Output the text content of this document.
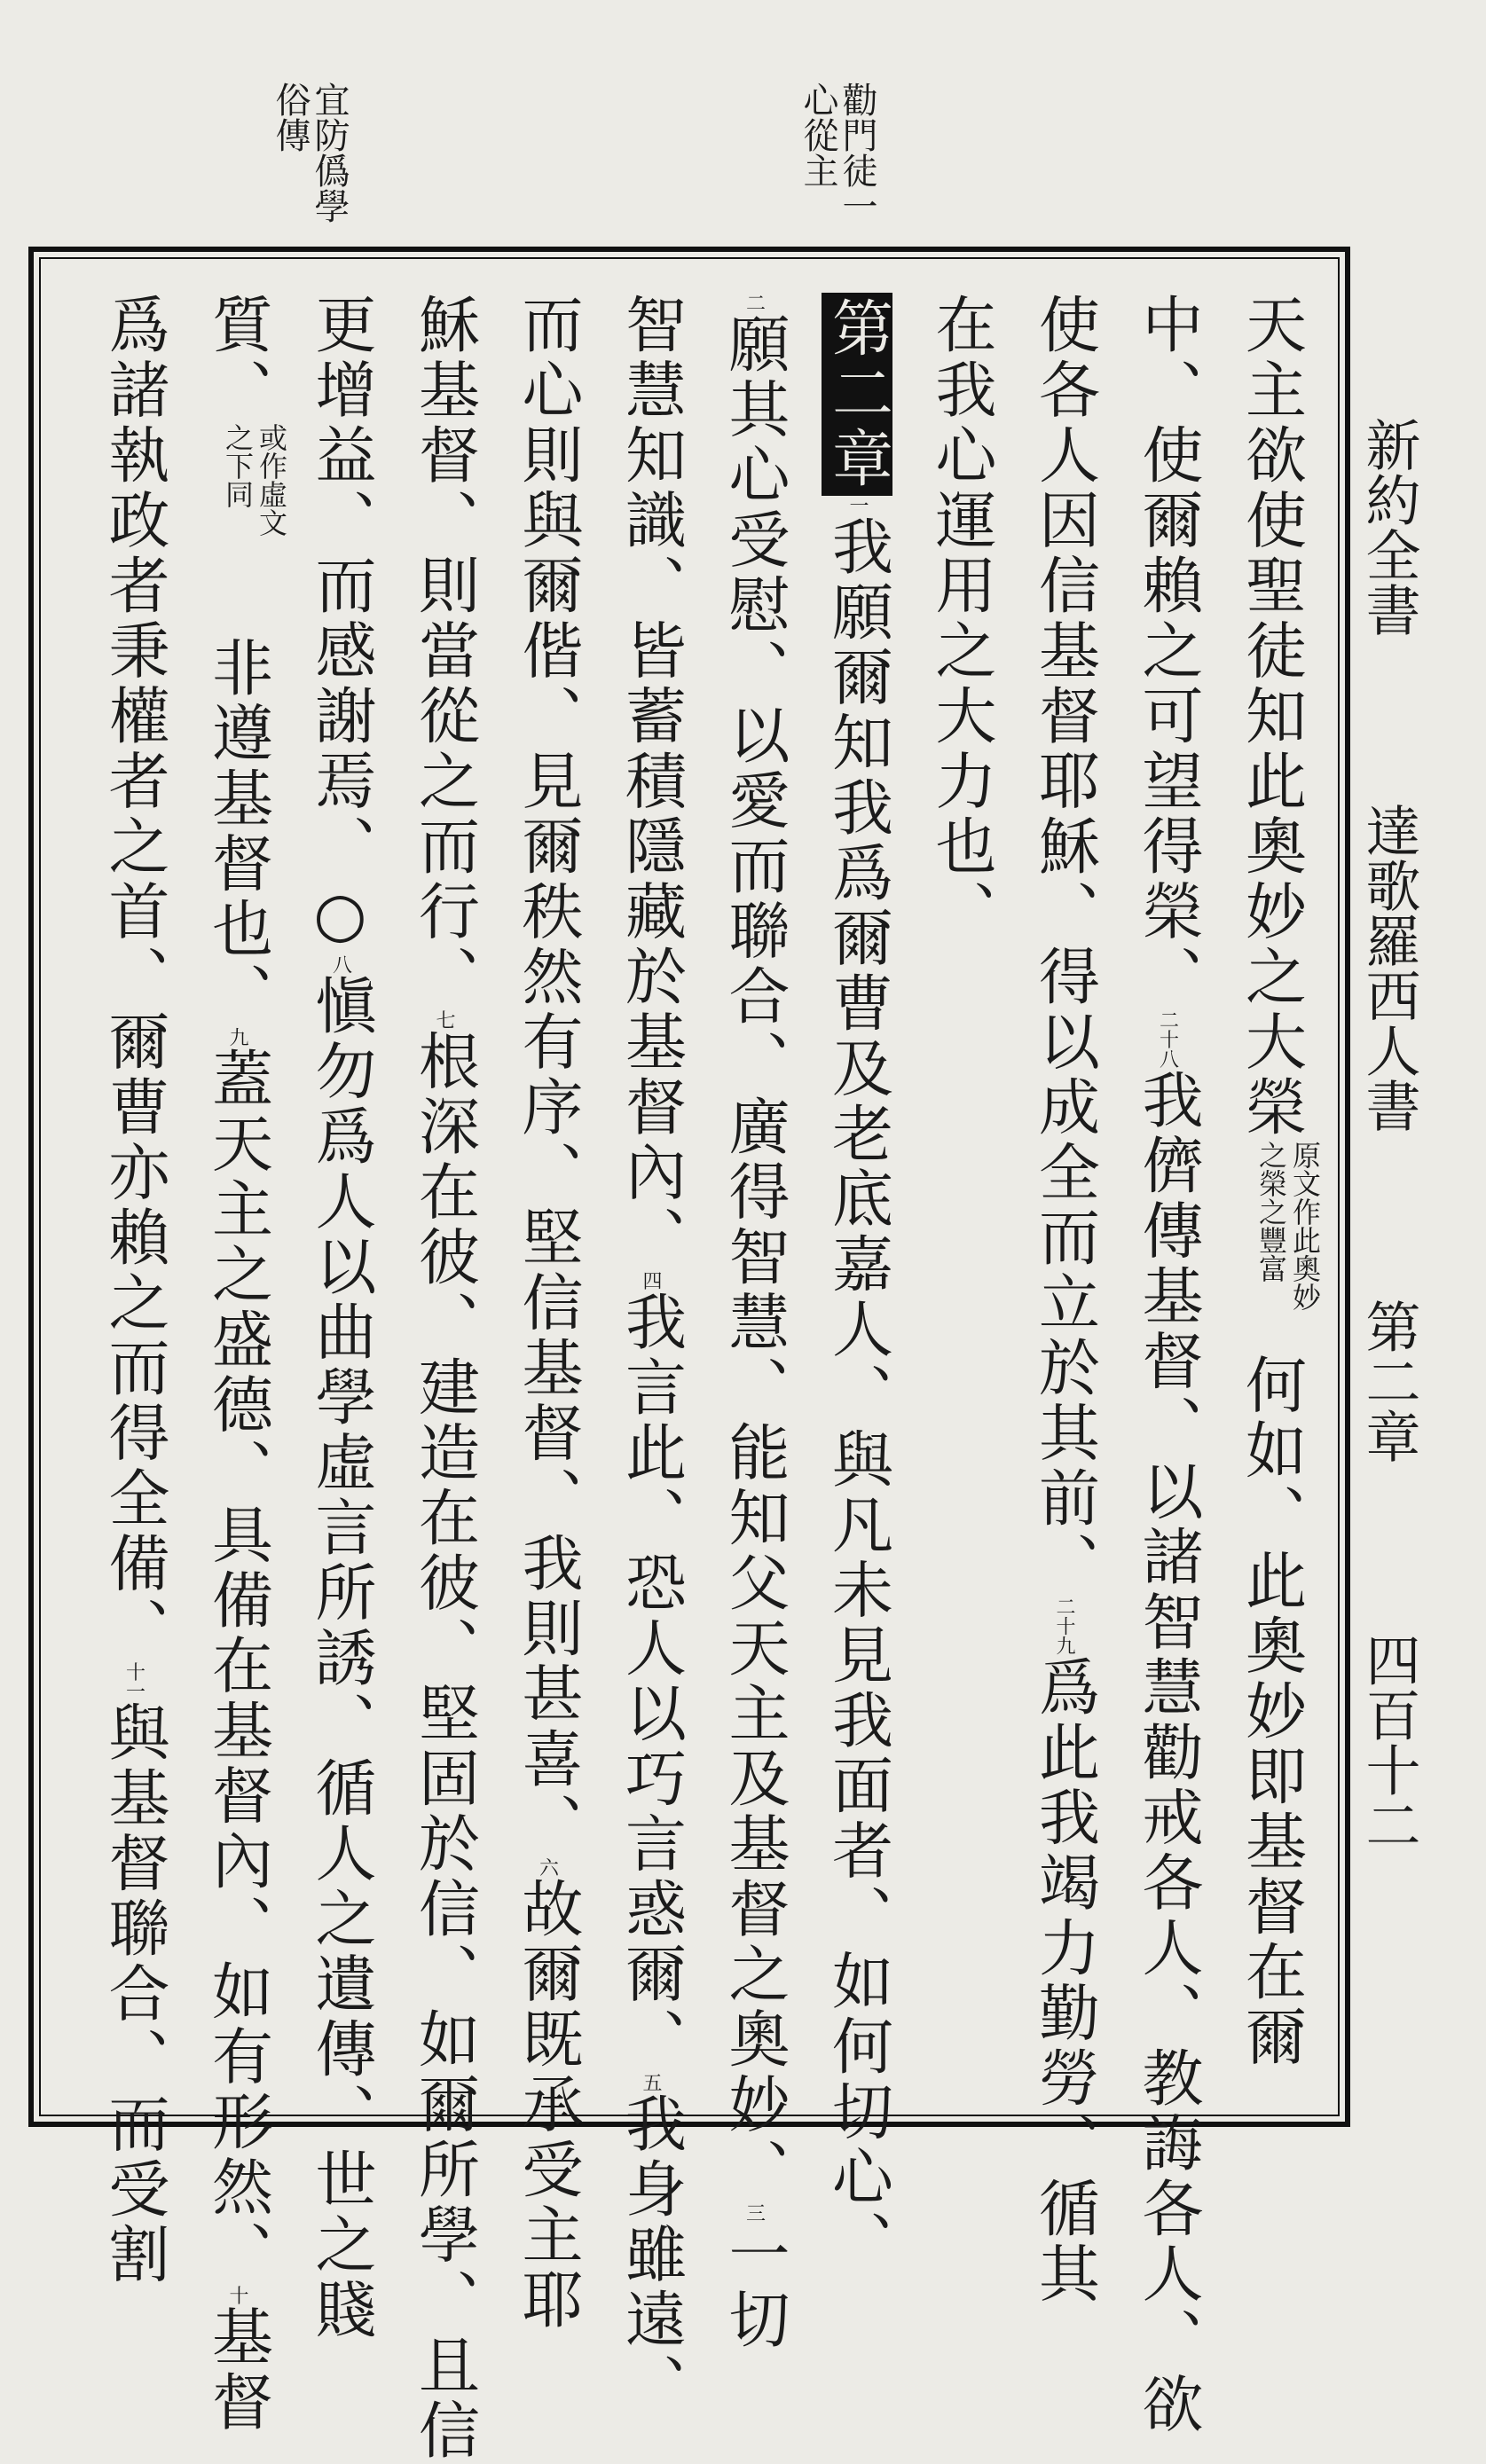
新約全書
達歌羅西人書
第二章
四百十二
勸門徒一
心從主
宜防僞學
俗傳
天主欲使聖徒知此奧妙之大榮
原文作此奧妙
之榮之豐富
何如、此奧妙即基督在爾
中、使爾賴之可望得榮、$^{二十八}$我儕傳基督、以諸智慧勸戒各人、教誨各人、欲
使各人因信基督耶穌、得以成全而立於其前、$^{二十九}$爲此我竭力勤勞、循其
在我心運用之大力也、
第二章$^一$我願爾知我爲爾曹及老底嘉人、與凡未見我面者、如何切心、
$^二$願其心受慰、以愛而聯合、廣得智慧、能知父天主及基督之奧妙、$^三$一切
智慧知識、皆蓄積隱藏於基督內、$^四$我言此、恐人以巧言惑爾、$^五$我身雖遠、
而心則與爾偕、見爾秩然有序、堅信基督、我則甚喜、$^六$故爾既承受主耶
穌基督、則當從之而行、$^七$根深在彼、建造在彼、堅固於信、如爾所學、且信
更增益、而感謝焉、○$^八$愼勿爲人以曲學虛言所誘、循人之遺傳、世之賤
質、
或作虛文
之下同
非遵基督也、$^九$蓋天主之盛德、具備在基督內、如有形然、$^十$基督
爲諸執政者秉權者之首、爾曹亦賴之而得全備、$^{十一}$與基督聯合、而受割
